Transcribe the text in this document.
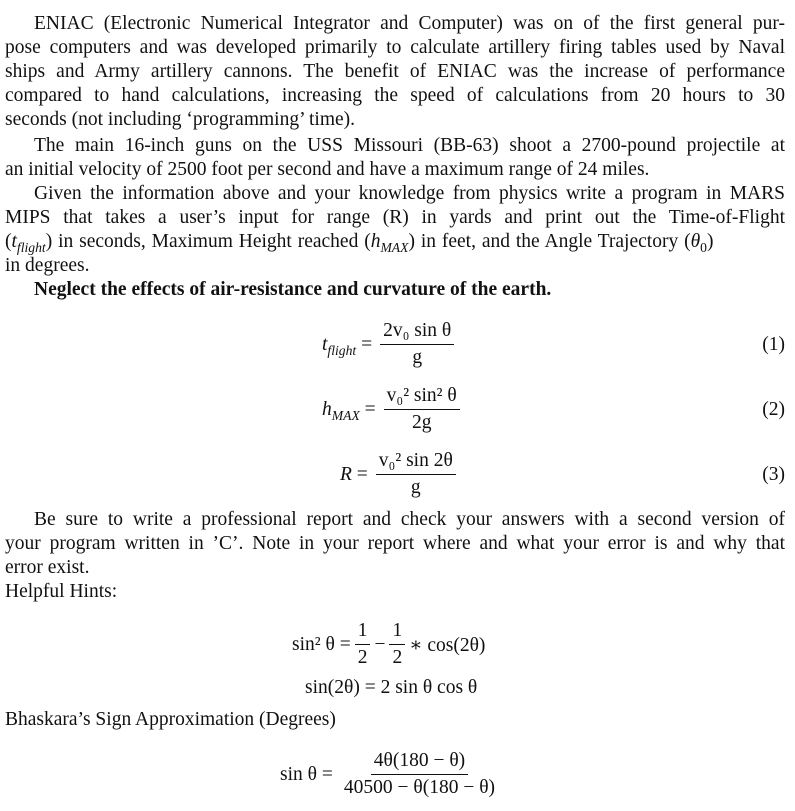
ENIAC (Electronic Numerical Integrator and Computer) was on of the first general pur-
pose computers and was developed primarily to calculate artillery firing tables used by Naval
ships and Army artillery cannons. The benefit of ENIAC was the increase of performance
compared to hand calculations, increasing the speed of calculations from 20 hours to 30
seconds (not including ‘programming’ time).
The main 16-inch guns on the USS Missouri (BB-63) shoot a 2700-pound projectile at
an initial velocity of 2500 foot per second and have a maximum range of 24 miles.
Given the information above and your knowledge from physics write a program in MARS
MIPS that takes a user’s input for range (R) in yards and print out the Time-of-Flight
$(t_{flight})$ in seconds, Maximum Height reached $(h_{MAX})$ in feet, and the Angle Trajectory $(\theta_0)$
in degrees.
Neglect the effects of air-resistance and curvature of the earth.
$t_{flight} = \frac{\text{2v₀ sin θ}}{g}$	(1)
$h_{MAX} = \frac{\text{v₀² sin² θ}}{2g}$	(2)
$R = \frac{\text{v₀² sin 2θ}}{g}$	(3)
Be sure to write a professional report and check your answers with a second version of
your program written in ’C’. Note in your report where and what your error is and why that
error exist.
Helpful Hints:
sin² $\theta = \frac{1}{2} - \frac{1}{2}$ ∗ cos(2θ)
sin(2θ) = 2 sin θ cos θ
Bhaskara’s Sign Approximation (Degrees)
$\sin \theta = \frac{4\theta(180 - \theta)}{40500 - \theta(180 - \theta)}$
